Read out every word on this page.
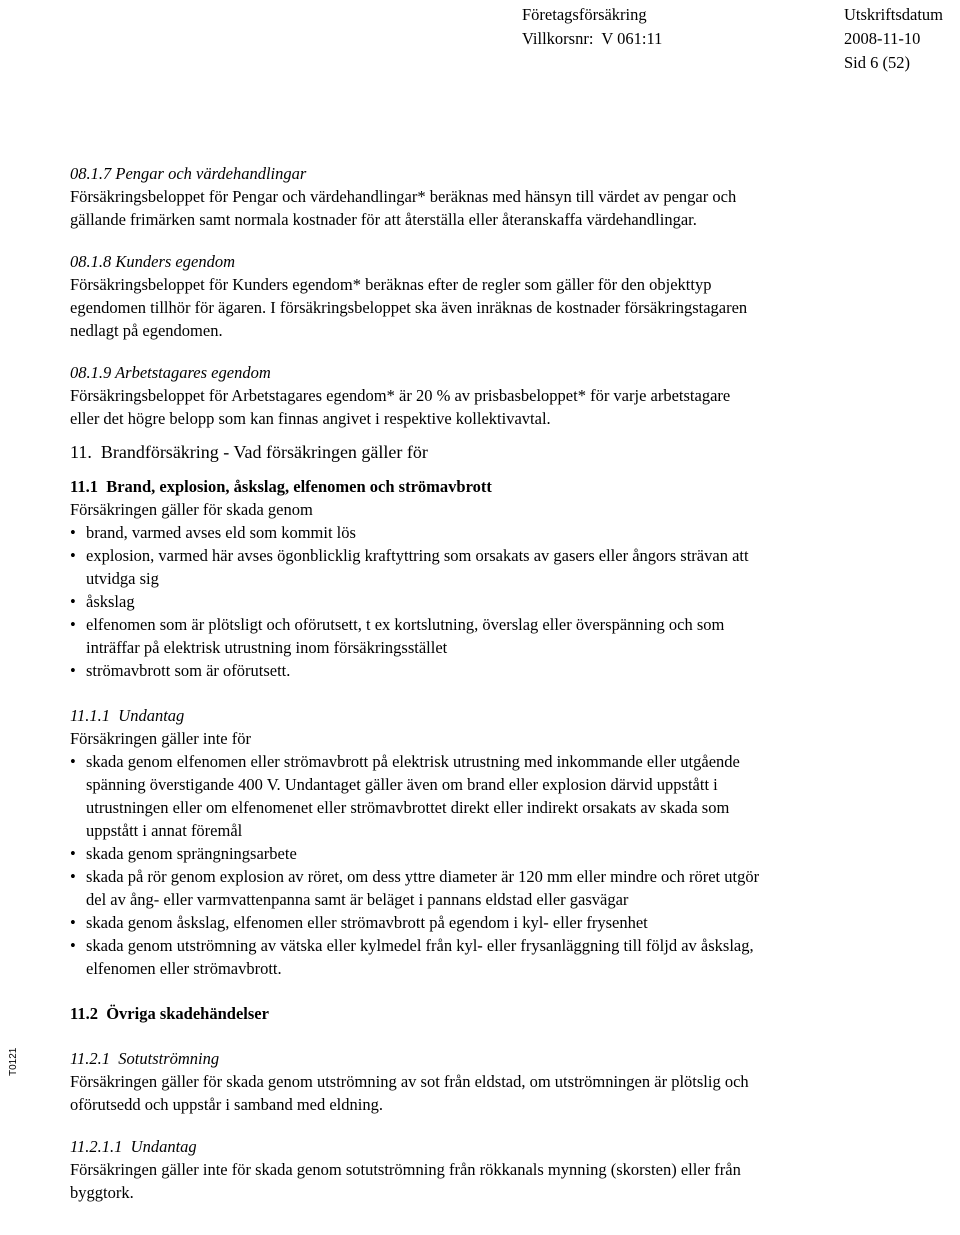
Företagsförsäkring
Villkorsnr:  V 061:11
Utskriftsdatum
2008-11-10
Sid 6 (52)
T0121

08.1.7 Pengar och värdehandlingar

Försäkringsbeloppet för Pengar och värdehandlingar* beräknas med hänsyn till värdet av pengar och

gällande frimärken samt normala kostnader för att återställa eller återanskaffa värdehandlingar.

08.1.8 Kunders egendom

Försäkringsbeloppet för Kunders egendom* beräknas efter de regler som gäller för den objekttyp

egendomen tillhör för ägaren. I försäkringsbeloppet ska även inräknas de kostnader försäkringstagaren

nedlagt på egendomen.

08.1.9 Arbetstagares egendom

Försäkringsbeloppet för Arbetstagares egendom* är 20 % av prisbasbeloppet* för varje arbetstagare

eller det högre belopp som kan finnas angivet i respektive kollektivavtal.

11.  Brandförsäkring - Vad försäkringen gäller för

11.1  Brand, explosion, åskslag, elfenomen och strömavbrott

Försäkringen gäller för skada genom

• brand, varmed avses eld som kommit lös
• explosion, varmed här avses ögonblicklig kraftyttring som orsakats av gasers eller ångors strävan att
utvidga sig
• åskslag
• elfenomen som är plötsligt och oförutsett, t ex kortslutning, överslag eller överspänning och som
inträffar på elektrisk utrustning inom försäkringsstället
• strömavbrott som är oförutsett.

11.1.1  Undantag

Försäkringen gäller inte för

• skada genom elfenomen eller strömavbrott på elektrisk utrustning med inkommande eller utgående
spänning överstigande 400 V. Undantaget gäller även om brand eller explosion därvid uppstått i
utrustningen eller om elfenomenet eller strömavbrottet direkt eller indirekt orsakats av skada som
uppstått i annat föremål
• skada genom sprängningsarbete
• skada på rör genom explosion av röret, om dess yttre diameter är 120 mm eller mindre och röret utgör
del av ång- eller varmvattenpanna samt är beläget i pannans eldstad eller gasvägar
• skada genom åskslag, elfenomen eller strömavbrott på egendom i kyl- eller frysenhet
• skada genom utströmning av vätska eller kylmedel från kyl- eller frysanläggning till följd av åskslag,
elfenomen eller strömavbrott.

11.2  Övriga skadehändelser

11.2.1  Sotutströmning

Försäkringen gäller för skada genom utströmning av sot från eldstad, om utströmningen är plötslig och

oförutsedd och uppstår i samband med eldning.

11.2.1.1  Undantag

Försäkringen gäller inte för skada genom sotutströmning från rökkanals mynning (skorsten) eller från

byggtork.
